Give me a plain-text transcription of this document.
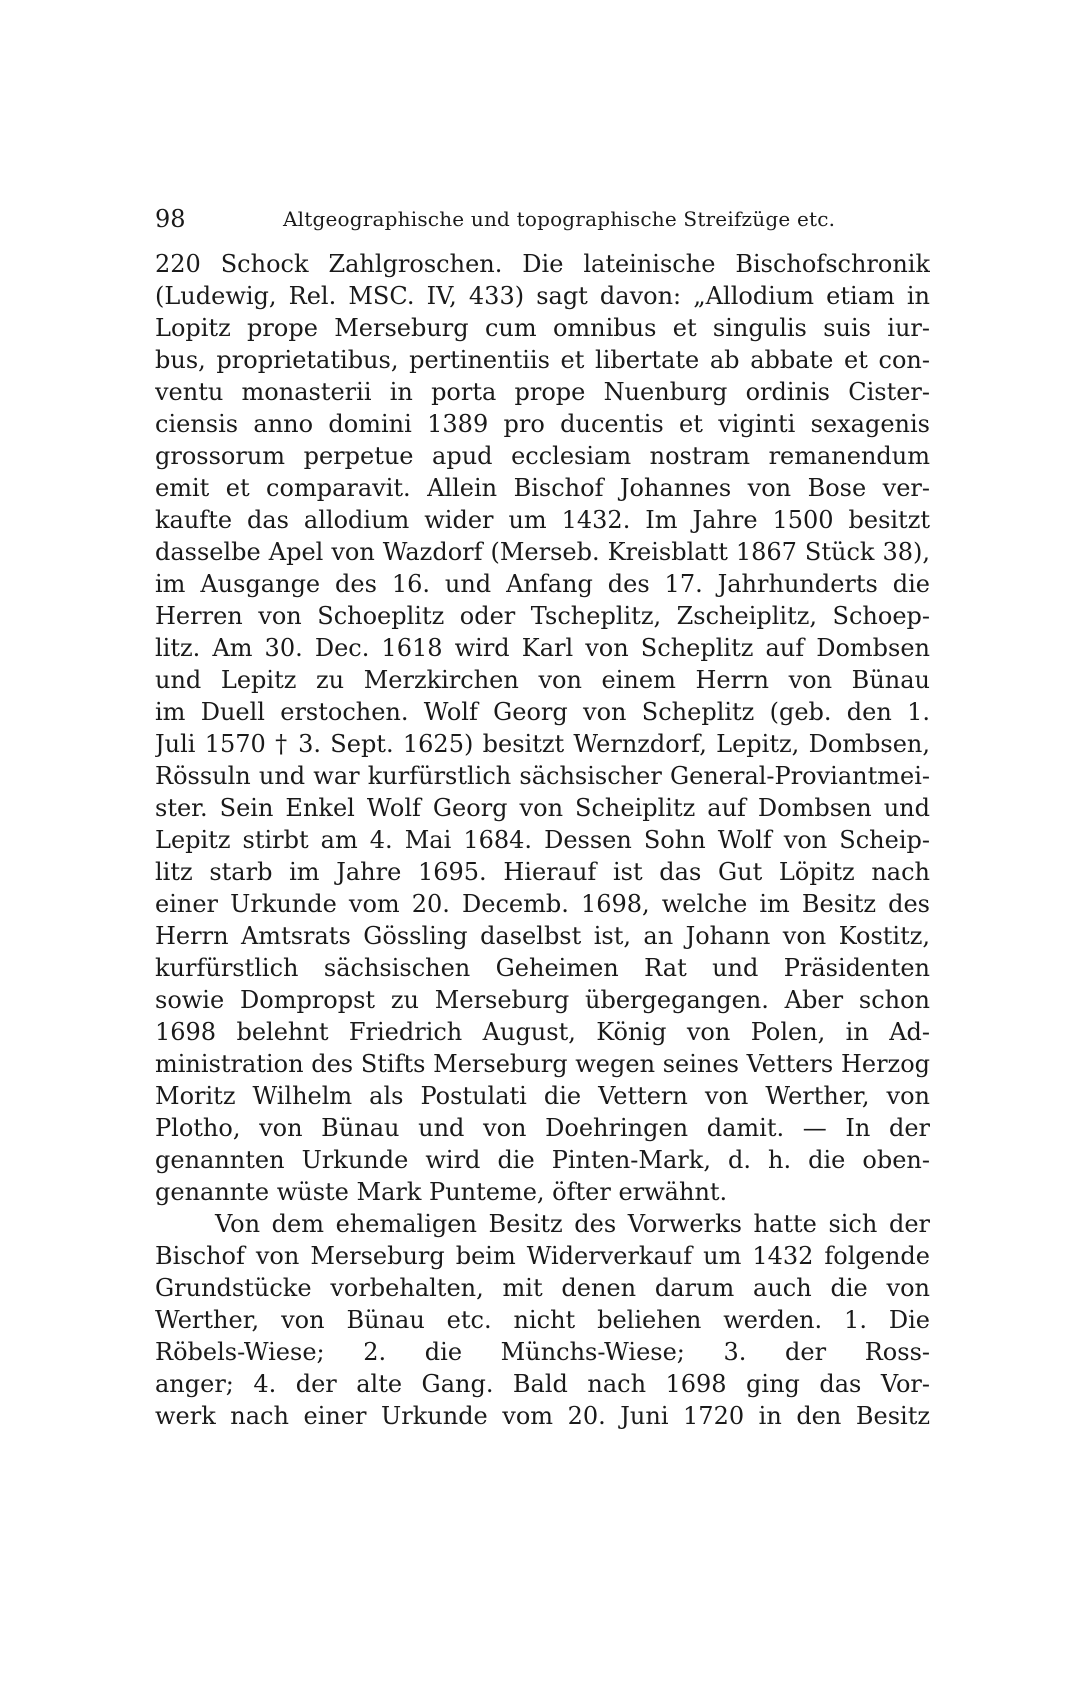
98	Altgeographische und topographische Streifzüge etc.
220 Schock Zahlgroschen. Die lateinische Bischofschronik
(Ludewig, Rel. MSC. IV, 433) sagt davon: „Allodium etiam in
Lopitz prope Merseburg cum omnibus et singulis suis iur-
bus, proprietatibus, pertinentiis et libertate ab abbate et con-
ventu monasterii in porta prope Nuenburg ordinis Cister-
ciensis anno domini 1389 pro ducentis et viginti sexagenis
grossorum perpetue apud ecclesiam nostram remanendum
emit et comparavit. Allein Bischof Johannes von Bose ver-
kaufte das allodium wider um 1432. Im Jahre 1500 besitzt
dasselbe Apel von Wazdorf (Merseb. Kreisblatt 1867 Stück 38),
im Ausgange des 16. und Anfang des 17. Jahrhunderts die
Herren von Schoeplitz oder Tscheplitz, Zscheiplitz, Schoep-
litz. Am 30. Dec. 1618 wird Karl von Scheplitz auf Dombsen
und Lepitz zu Merzkirchen von einem Herrn von Bünau
im Duell erstochen. Wolf Georg von Scheplitz (geb. den 1.
Juli 1570 † 3. Sept. 1625) besitzt Wernzdorf, Lepitz, Dombsen,
Rössuln und war kurfürstlich sächsischer General-Proviantmei-
ster. Sein Enkel Wolf Georg von Scheiplitz auf Dombsen und
Lepitz stirbt am 4. Mai 1684. Dessen Sohn Wolf von Scheip-
litz starb im Jahre 1695. Hierauf ist das Gut Löpitz nach
einer Urkunde vom 20. Decemb. 1698, welche im Besitz des
Herrn Amtsrats Gössling daselbst ist, an Johann von Kostitz,
kurfürstlich sächsischen Geheimen Rat und Präsidenten
sowie Dompropst zu Merseburg übergegangen. Aber schon
1698 belehnt Friedrich August, König von Polen, in Ad-
ministration des Stifts Merseburg wegen seines Vetters Herzog
Moritz Wilhelm als Postulati die Vettern von Werther, von
Plotho, von Bünau und von Doehringen damit. — In der
genannten Urkunde wird die Pinten-Mark, d. h. die oben-
genannte wüste Mark Punteme, öfter erwähnt.
Von dem ehemaligen Besitz des Vorwerks hatte sich der
Bischof von Merseburg beim Widerverkauf um 1432 folgende
Grundstücke vorbehalten, mit denen darum auch die von
Werther, von Bünau etc. nicht beliehen werden. 1. Die
Röbels-Wiese; 2. die Münchs-Wiese; 3. der Ross-
anger; 4. der alte Gang. Bald nach 1698 ging das Vor-
werk nach einer Urkunde vom 20. Juni 1720 in den Besitz
